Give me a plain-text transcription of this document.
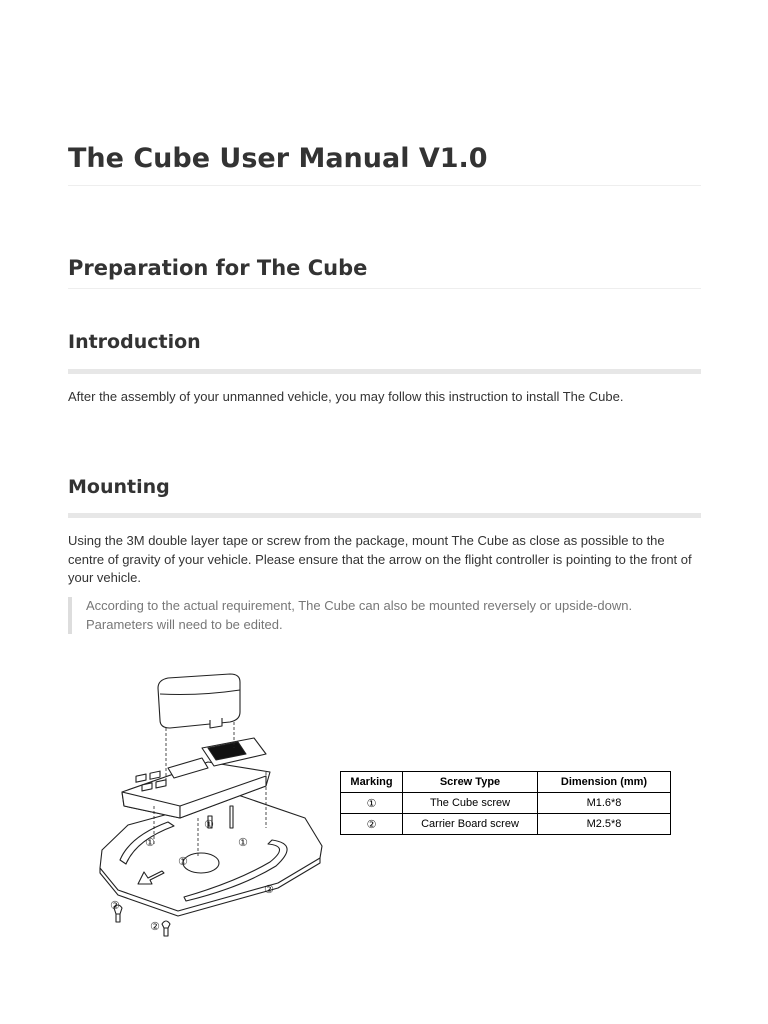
The Cube User Manual V1.0
Preparation for The Cube
Introduction

After the assembly of your unmanned vehicle, you may follow this instruction to install The Cube.

Mounting

Using the 3M double layer tape or screw from the package, mount The Cube as close as possible to the centre of gravity of your vehicle. Please ensure that the arrow on the flight controller is pointing to the front of your vehicle.

According to the actual requirement, The Cube can also be mounted reversely or upside-down.
Parameters will need to be edited.
①
①
①
①
②
②
②
Marking	Screw Type	Dimension (mm)
①	The Cube screw	M1.6*8
②	Carrier Board screw	M2.5*8
